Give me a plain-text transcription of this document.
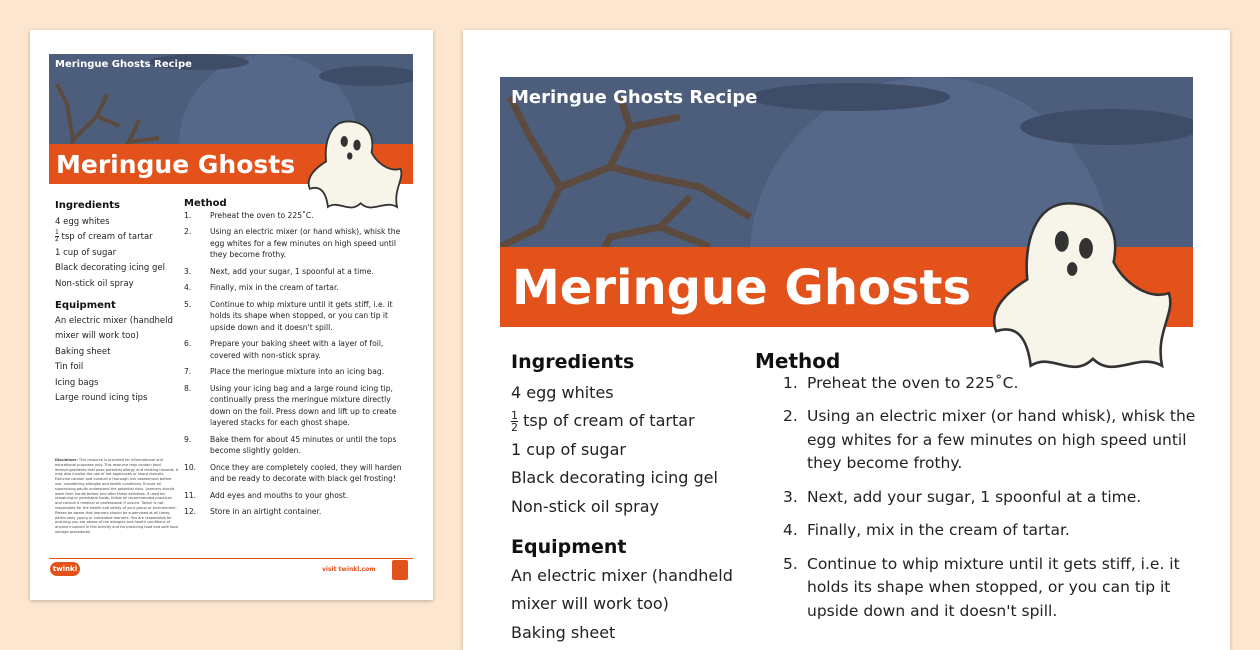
Meringue Ghosts Recipe
Meringue Ghosts
Ingredients
4 egg whites
$\frac{1}{2}$ tsp of cream of tartar
1 cup of sugar
Black decorating icing gel
Non-stick oil spray
Equipment
An electric mixer (handheld mixer will work too)
Baking sheet
Tin foil
Icing bags
Large round icing tips
Method
1. Preheat the oven to 225˚C.
2. Using an electric mixer (or hand whisk), whisk the egg whites for a few minutes on high speed until they become frothy.
3. Next, add your sugar, 1 spoonful at a time.
4. Finally, mix in the cream of tartar.
5. Continue to whip mixture until it gets stiff, i.e. it holds its shape when stopped, or you can tip it upside down and it doesn't spill.
6. Prepare your baking sheet with a layer of foil, covered with non-stick spray.
7. Place the meringue mixture into an icing bag.
8. Using your icing bag and a large round icing tip, continually press the meringue mixture directly down on the foil. Press down and lift up to create layered stacks for each ghost shape.
9. Bake them for about 45 minutes or until the tops become slightly golden.
10. Once they are completely cooled, they will harden and be ready to decorate with black gel frosting!
11. Add eyes and mouths to your ghost.
12. Store in an airtight container.
Disclaimer: This resource is provided for informational and educational purposes only. This resource may contain food items/ingredients that pose potential allergy and choking hazards. It may also involve the use of hot appliances or sharp utensils. Exercise caution and conduct a thorough risk assessment before use, considering allergies and health conditions. Ensure all supervising adults understand the potential risks. Learners should wash their hands before and after these activities. If used for remaining or perishable foods, follow all recommended practices and consult a medical or professional if unsure. Twinkl is not responsible for the health and safety of your group or environment. Please be aware that learners should be supervised at all times, particularly young or vulnerable learners. You are responsible for ensuring you are aware of the allergies and health conditions of anyone involved in this activity and for providing food and safe food storage procedures.
twinkl	visit twinkl.com
Meringue Ghosts Recipe
Meringue Ghosts
Ingredients
4 egg whites
$\frac{1}{2}$ tsp of cream of tartar
1 cup of sugar
Black decorating icing gel
Non-stick oil spray
Equipment
An electric mixer (handheld
mixer will work too)
Baking sheet
Method
1. Preheat the oven to 225˚C.
2. Using an electric mixer (or hand whisk), whisk the
egg whites for a few minutes on high speed until
they become frothy.
3. Next, add your sugar, 1 spoonful at a time.
4. Finally, mix in the cream of tartar.
5. Continue to whip mixture until it gets stiff, i.e. it
holds its shape when stopped, or you can tip it
upside down and it doesn't spill.
